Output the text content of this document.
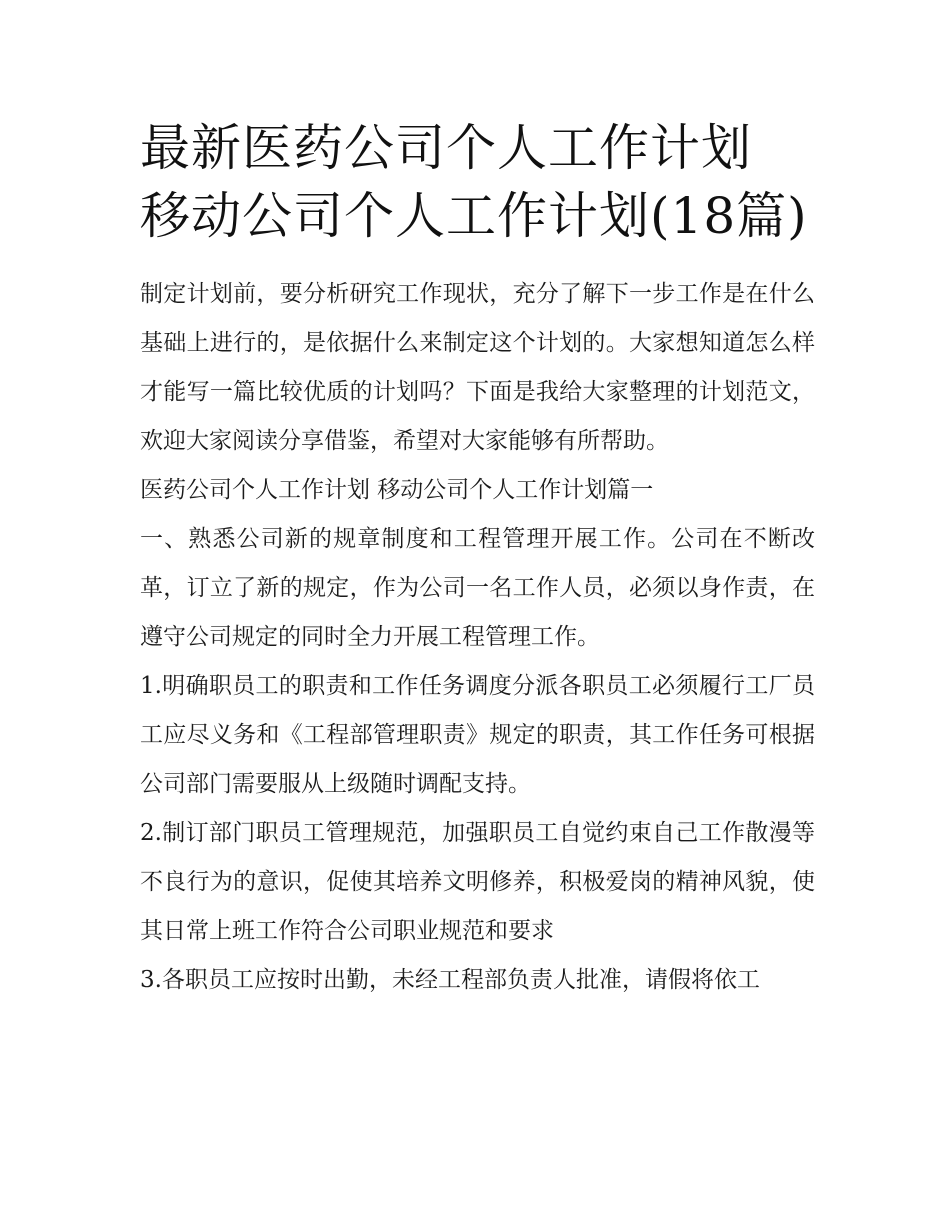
最新医药公司个人工作计划 移动公司个人工作计划(18篇)

制定计划前，要分析研究工作现状，充分了解下一步工作是在什么基础上进行的，是依据什么来制定这个计划的。大家想知道怎么样才能写一篇比较优质的计划吗？下面是我给大家整理的计划范文，欢迎大家阅读分享借鉴，希望对大家能够有所帮助。

医药公司个人工作计划 移动公司个人工作计划篇一

一、熟悉公司新的规章制度和工程管理开展工作。公司在不断改革，订立了新的规定，作为公司一名工作人员，必须以身作责，在遵守公司规定的同时全力开展工程管理工作。

1.明确职员工的职责和工作任务调度分派各职员工必须履行工厂员工应尽义务和《工程部管理职责》规定的职责，其工作任务可根据公司部门需要服从上级随时调配支持。

2.制订部门职员工管理规范，加强职员工自觉约束自己工作散漫等不良行为的意识，促使其培养文明修养，积极爱岗的精神风貌，使其日常上班工作符合公司职业规范和要求

3.各职员工应按时出勤，未经工程部负责人批准，请假将依工
